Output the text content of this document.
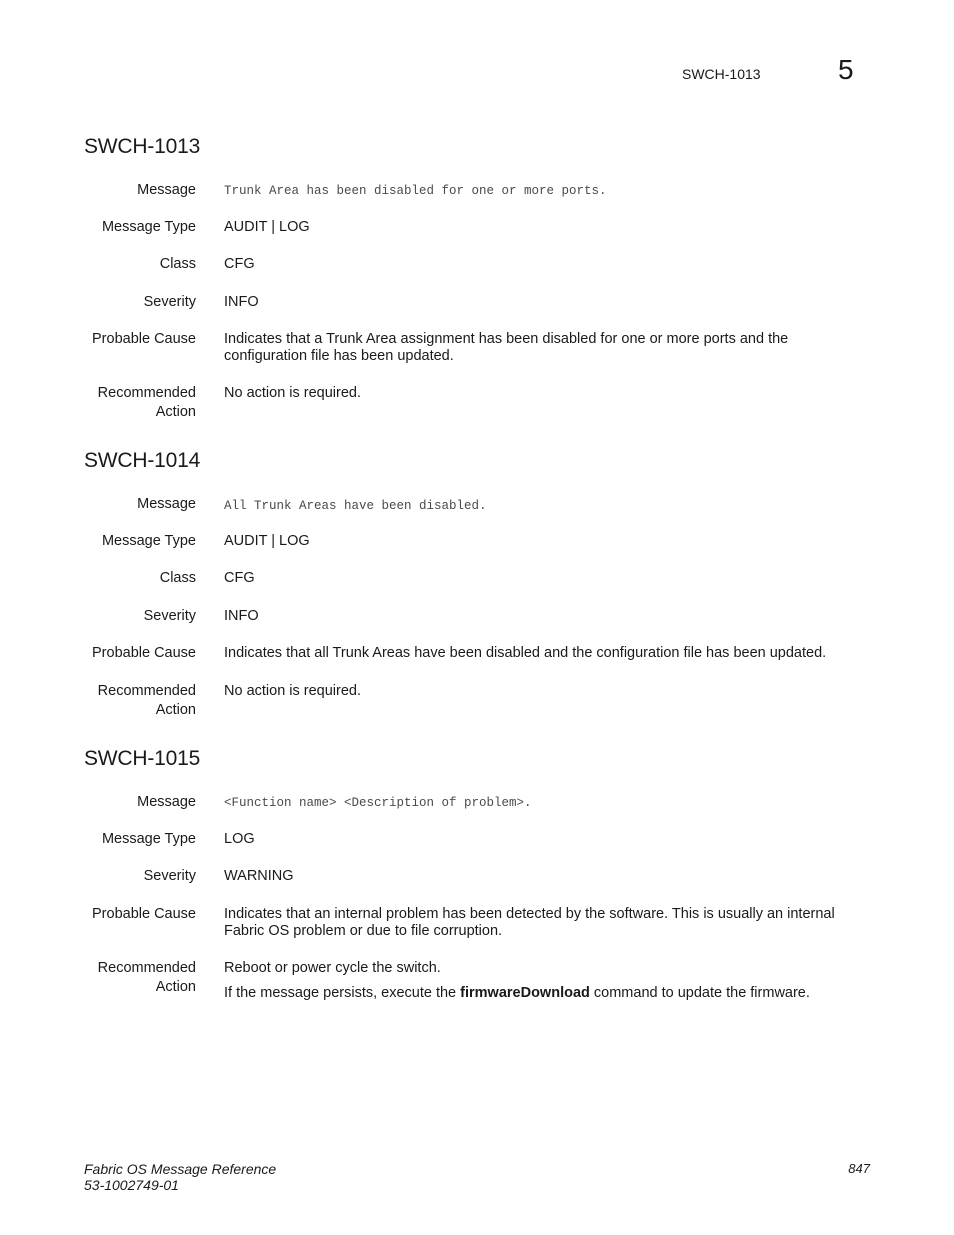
SWCH-1013	5
SWCH-1013
Message Trunk Area has been disabled for one or more ports.
Message Type AUDIT | LOG
Class CFG
Severity INFO
Probable Cause Indicates that a Trunk Area assignment has been disabled for one or more ports and the configuration file has been updated.
Recommended
Action
No action is required.
SWCH-1014
Message All Trunk Areas have been disabled.
Message Type AUDIT | LOG
Class CFG
Severity INFO
Probable Cause Indicates that all Trunk Areas have been disabled and the configuration file has been updated.
Recommended
Action
No action is required.
SWCH-1015
Message <Function name> <Description of problem>.
Message Type LOG
Severity WARNING
Probable Cause Indicates that an internal problem has been detected by the software. This is usually an internal Fabric OS problem or due to file corruption.
Recommended
Action
Reboot or power cycle the switch.
If the message persists, execute the firmwareDownload command to update the firmware.
Fabric OS Message Reference
53-1002749-01
847
